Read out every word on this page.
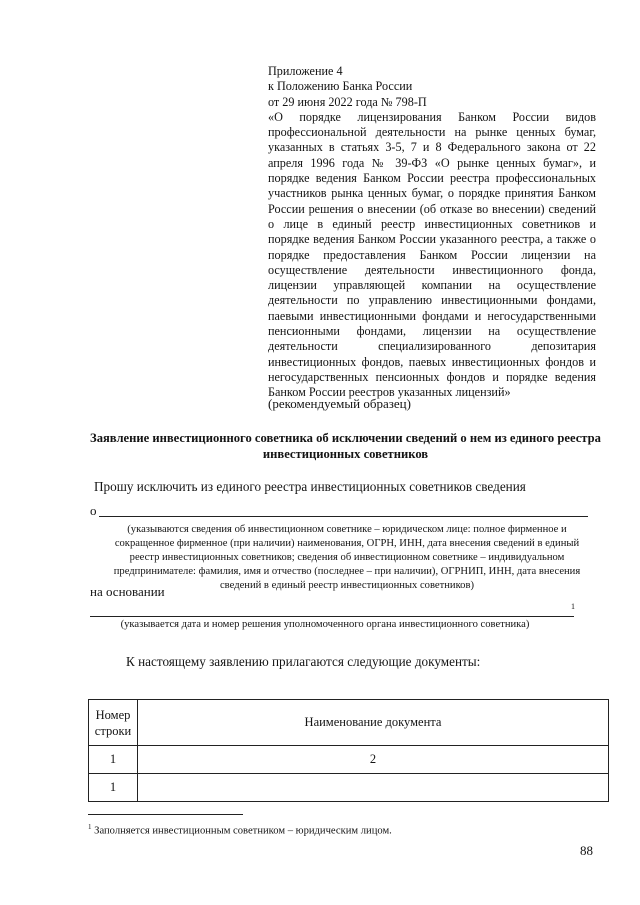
Приложение 4
к Положению Банка России
от 29 июня 2022 года № 798-П
«О порядке лицензирования Банком России видов профессиональной деятельности на рынке ценных бумаг, указанных в статьях 3-5, 7 и 8 Федерального закона от 22 апреля 1996 года № 39-ФЗ «О рынке ценных бумаг», и порядке ведения Банком России реестра профессиональных участников рынка ценных бумаг, о порядке принятия Банком России решения о внесении (об отказе во внесении) сведений о лице в единый реестр инвестиционных советников и порядке ведения Банком России указанного реестра, а также о порядке предоставления Банком России лицензии на осуществление деятельности инвестиционного фонда, лицензии управляющей компании на осуществление деятельности по управлению инвестиционными фондами, паевыми инвестиционными фондами и негосударственными пенсионными фондами, лицензии на осуществление деятельности специализированного депозитария инвестиционных фондов, паевых инвестиционных фондов и негосударственных пенсионных фондов и порядке ведения Банком России реестров указанных лицензий»
(рекомендуемый образец)
Заявление инвестиционного советника об исключении сведений о нем из единого реестра инвестиционных советников
Прошу исключить из единого реестра инвестиционных советников сведения
о
(указываются сведения об инвестиционном советнике – юридическом лице: полное фирменное и сокращенное фирменное (при наличии) наименования, ОГРН, ИНН, дата внесения сведений в единый реестр инвестиционных советников; сведения об инвестиционном советнике – индивидуальном предпринимателе: фамилия, имя и отчество (последнее – при наличии), ОГРНИП, ИНН, дата внесения сведений в единый реестр инвестиционных советников)
на основании
1
(указывается дата и номер решения уполномоченного органа инвестиционного советника)
К настоящему заявлению прилагаются следующие документы:
Номер строки	Наименование документа
1	2
1	
$^1$ Заполняется инвестиционным советником – юридическим лицом.
88
